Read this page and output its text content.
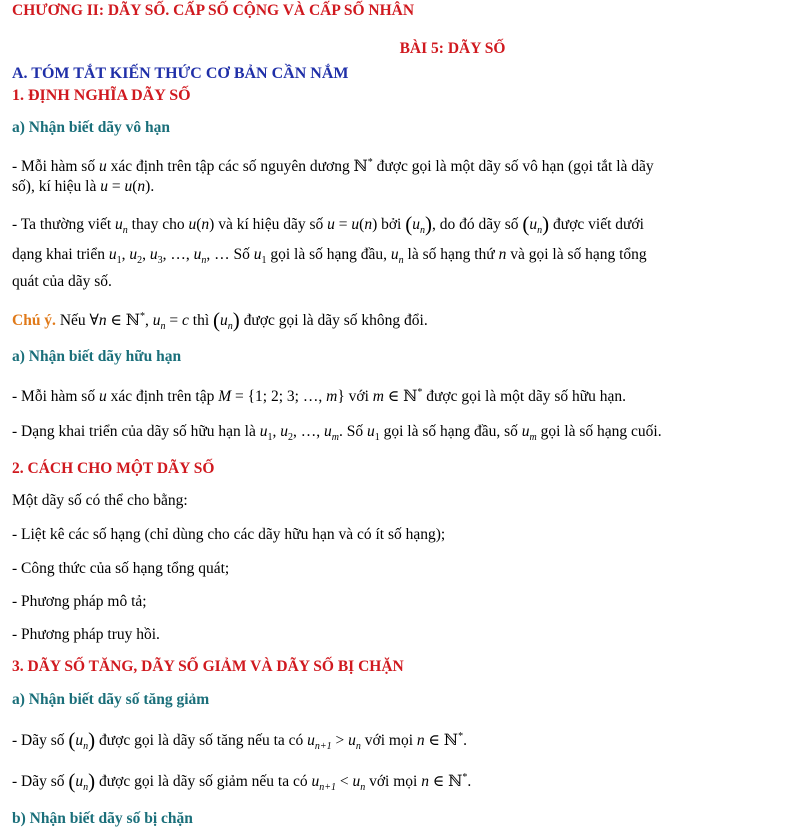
CHƯƠNG II: DÃY SỐ. CẤP SỐ CỘNG VÀ CẤP SỐ NHÂN
BÀI 5: DÃY SỐ
A. TÓM TẮT KIẾN THỨC CƠ BẢN CẦN NẮM
1. ĐỊNH NGHĨA DÃY SỐ
a) Nhận biết dãy vô hạn
- Mỗi hàm số u xác định trên tập các số nguyên dương ℕ* được gọi là một dãy số vô hạn (gọi tắt là dãy
số), kí hiệu là u = u(n).
- Ta thường viết $u_n$ thay cho u(n) và kí hiệu dãy số u = u(n) bởi $(u_n)$, do đó dãy số $(u_n)$ được viết dưới
dạng khai triển $u_1$, $u_2$, $u_3$, …, $u_n$, … Số $u_1$ gọi là số hạng đầu, $u_n$ là số hạng thứ n và gọi là số hạng tổng
quát của dãy số.
Chú ý. Nếu ∀n ∈ ℕ*, $u_n = c$ thì $(u_n)$ được gọi là dãy số không đổi.
a) Nhận biết dãy hữu hạn
- Mỗi hàm số u xác định trên tập M = {1; 2; 3; …, m} với m ∈ ℕ* được gọi là một dãy số hữu hạn.
- Dạng khai triển của dãy số hữu hạn là $u_1$, $u_2$, …, $u_m$. Số $u_1$ gọi là số hạng đầu, số $u_m$ gọi là số hạng cuối.
2. CÁCH CHO MỘT DÃY SỐ
Một dãy số có thể cho bằng:
- Liệt kê các số hạng (chỉ dùng cho các dãy hữu hạn và có ít số hạng);
- Công thức của số hạng tổng quát;
- Phương pháp mô tả;
- Phương pháp truy hồi.
3. DÃY SỐ TĂNG, DÃY SỐ GIẢM VÀ DÃY SỐ BỊ CHẶN
a) Nhận biết dãy số tăng giảm
- Dãy số $(u_n)$ được gọi là dãy số tăng nếu ta có $u_{n+1} > u_n$ với mọi n ∈ ℕ*.
- Dãy số $(u_n)$ được gọi là dãy số giảm nếu ta có $u_{n+1} < u_n$ với mọi n ∈ ℕ*.
b) Nhận biết dãy số bị chặn
